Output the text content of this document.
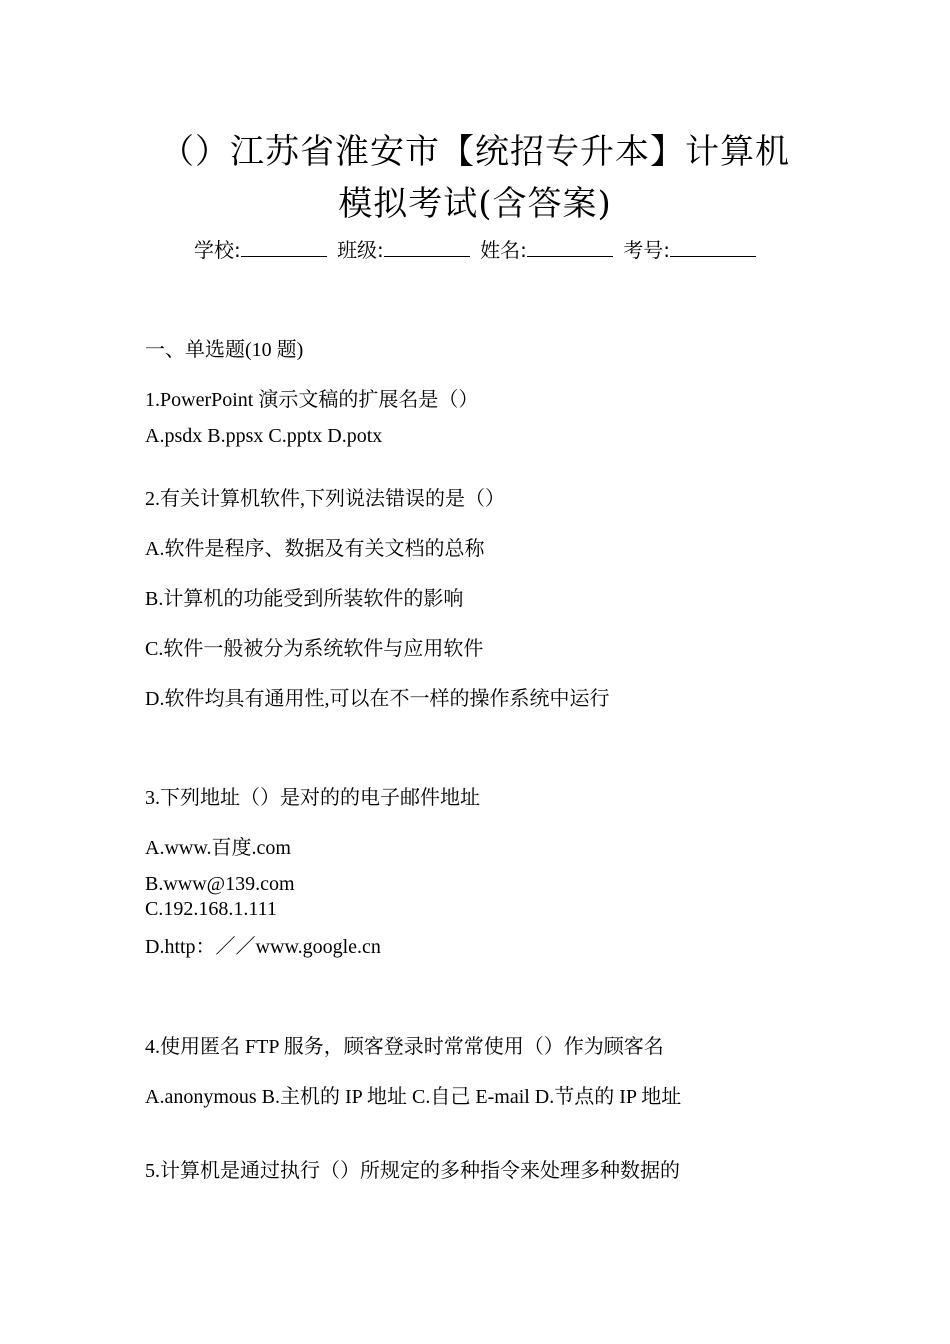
（）江苏省淮安市【统招专升本】计算机
模拟考试(含答案)
学校:	班级:	姓名:	考号:
一、单选题(10 题)
1.PowerPoint 演示文稿的扩展名是（）
A.psdx B.ppsx C.pptx D.potx
2.有关计算机软件,下列说法错误的是（）
A.软件是程序、数据及有关文档的总称
B.计算机的功能受到所装软件的影响
C.软件一般被分为系统软件与应用软件
D.软件均具有通用性,可以在不一样的操作系统中运行
3.下列地址（）是对的的电子邮件地址
A.www.百度.com
B.www@139.com
C.192.168.1.111
D.http：／／www.google.cn
4.使用匿名 FTP 服务，顾客登录时常常使用（）作为顾客名
A.anonymous B.主机的 IP 地址 C.自己 E-mail D.节点的 IP 地址
5.计算机是通过执行（）所规定的多种指令来处理多种数据的
